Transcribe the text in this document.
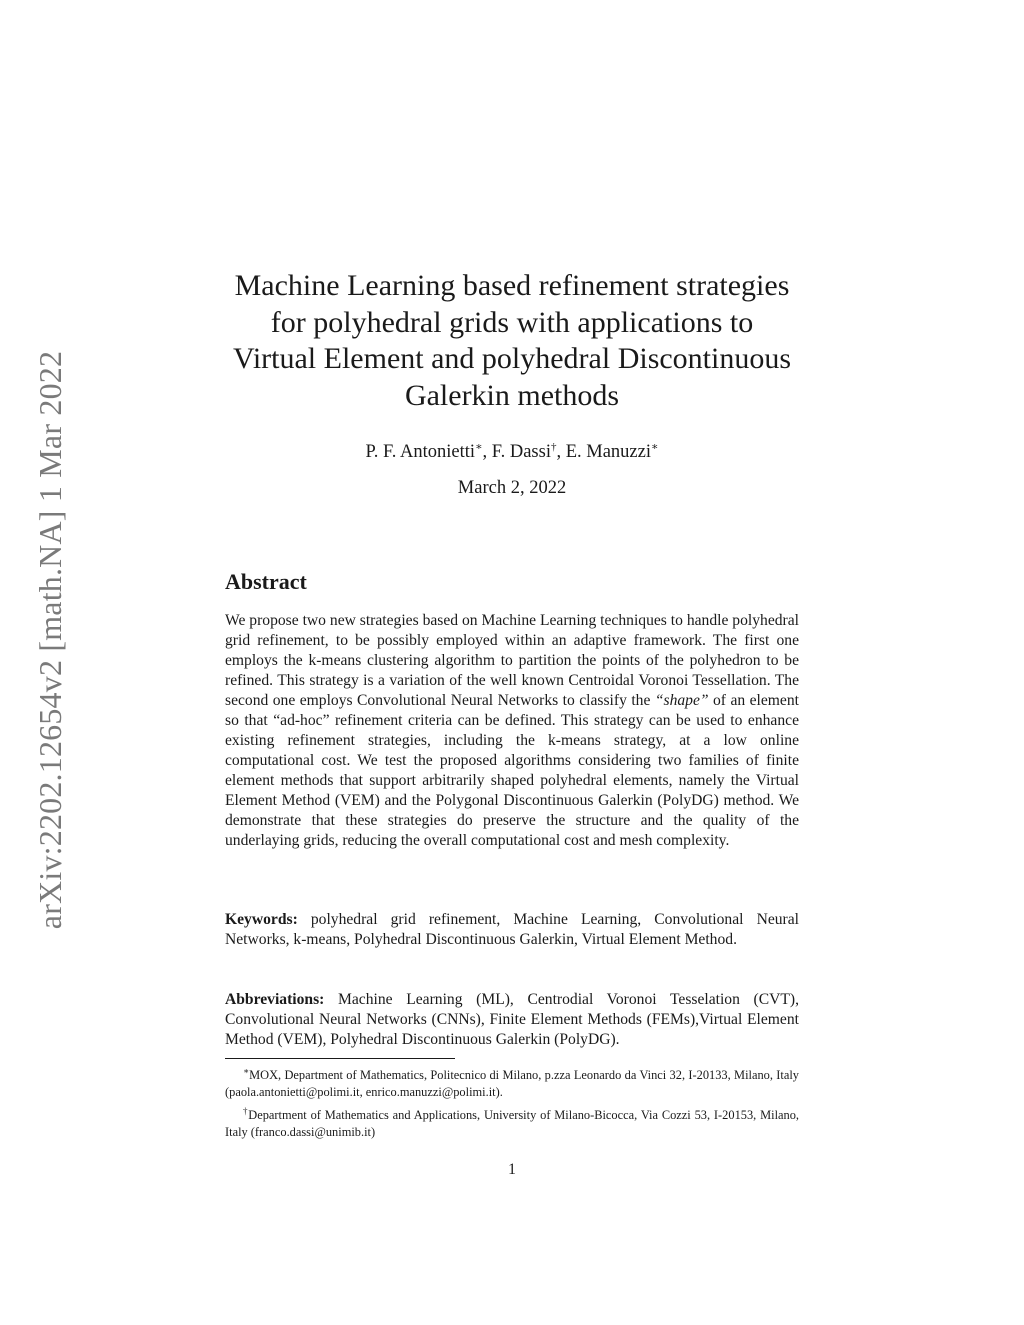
arXiv:2202.12654v2 [math.NA] 1 Mar 2022
Machine Learning based refinement strategies
for polyhedral grids with applications to
Virtual Element and polyhedral Discontinuous
Galerkin methods
P. F. Antonietti∗, F. Dassi†, E. Manuzzi∗
March 2, 2022
Abstract
We propose two new strategies based on Machine Learning techniques to handle polyhedral grid refinement, to be possibly employed within an adaptive framework. The first one employs the k-means clustering algorithm to partition the points of the polyhedron to be refined. This strategy is a variation of the well known Centroidal Voronoi Tessellation. The second one employs Convolutional Neural Networks to classify the “shape” of an element so that “ad-hoc” refinement criteria can be defined. This strategy can be used to enhance existing refinement strategies, including the k-means strategy, at a low online computational cost. We test the proposed algorithms considering two families of finite element methods that support arbitrarily shaped polyhedral elements, namely the Virtual Element Method (VEM) and the Polygonal Discontinuous Galerkin (PolyDG) method. We demonstrate that these strategies do preserve the structure and the quality of the underlaying grids, reducing the overall computational cost and mesh complexity.
Keywords: polyhedral grid refinement, Machine Learning, Convolutional Neural Networks, k-means, Polyhedral Discontinuous Galerkin, Virtual Element Method.
Abbreviations: Machine Learning (ML), Centrodial Voronoi Tesselation (CVT), Convolutional Neural Networks (CNNs), Finite Element Methods (FEMs),Virtual Element Method (VEM), Polyhedral Discontinuous Galerkin (PolyDG).
∗MOX, Department of Mathematics, Politecnico di Milano, p.zza Leonardo da Vinci 32, I-20133, Milano, Italy (paola.antonietti@polimi.it, enrico.manuzzi@polimi.it).
†Department of Mathematics and Applications, University of Milano-Bicocca, Via Cozzi 53, I-20153, Milano, Italy (franco.dassi@unimib.it)
1
